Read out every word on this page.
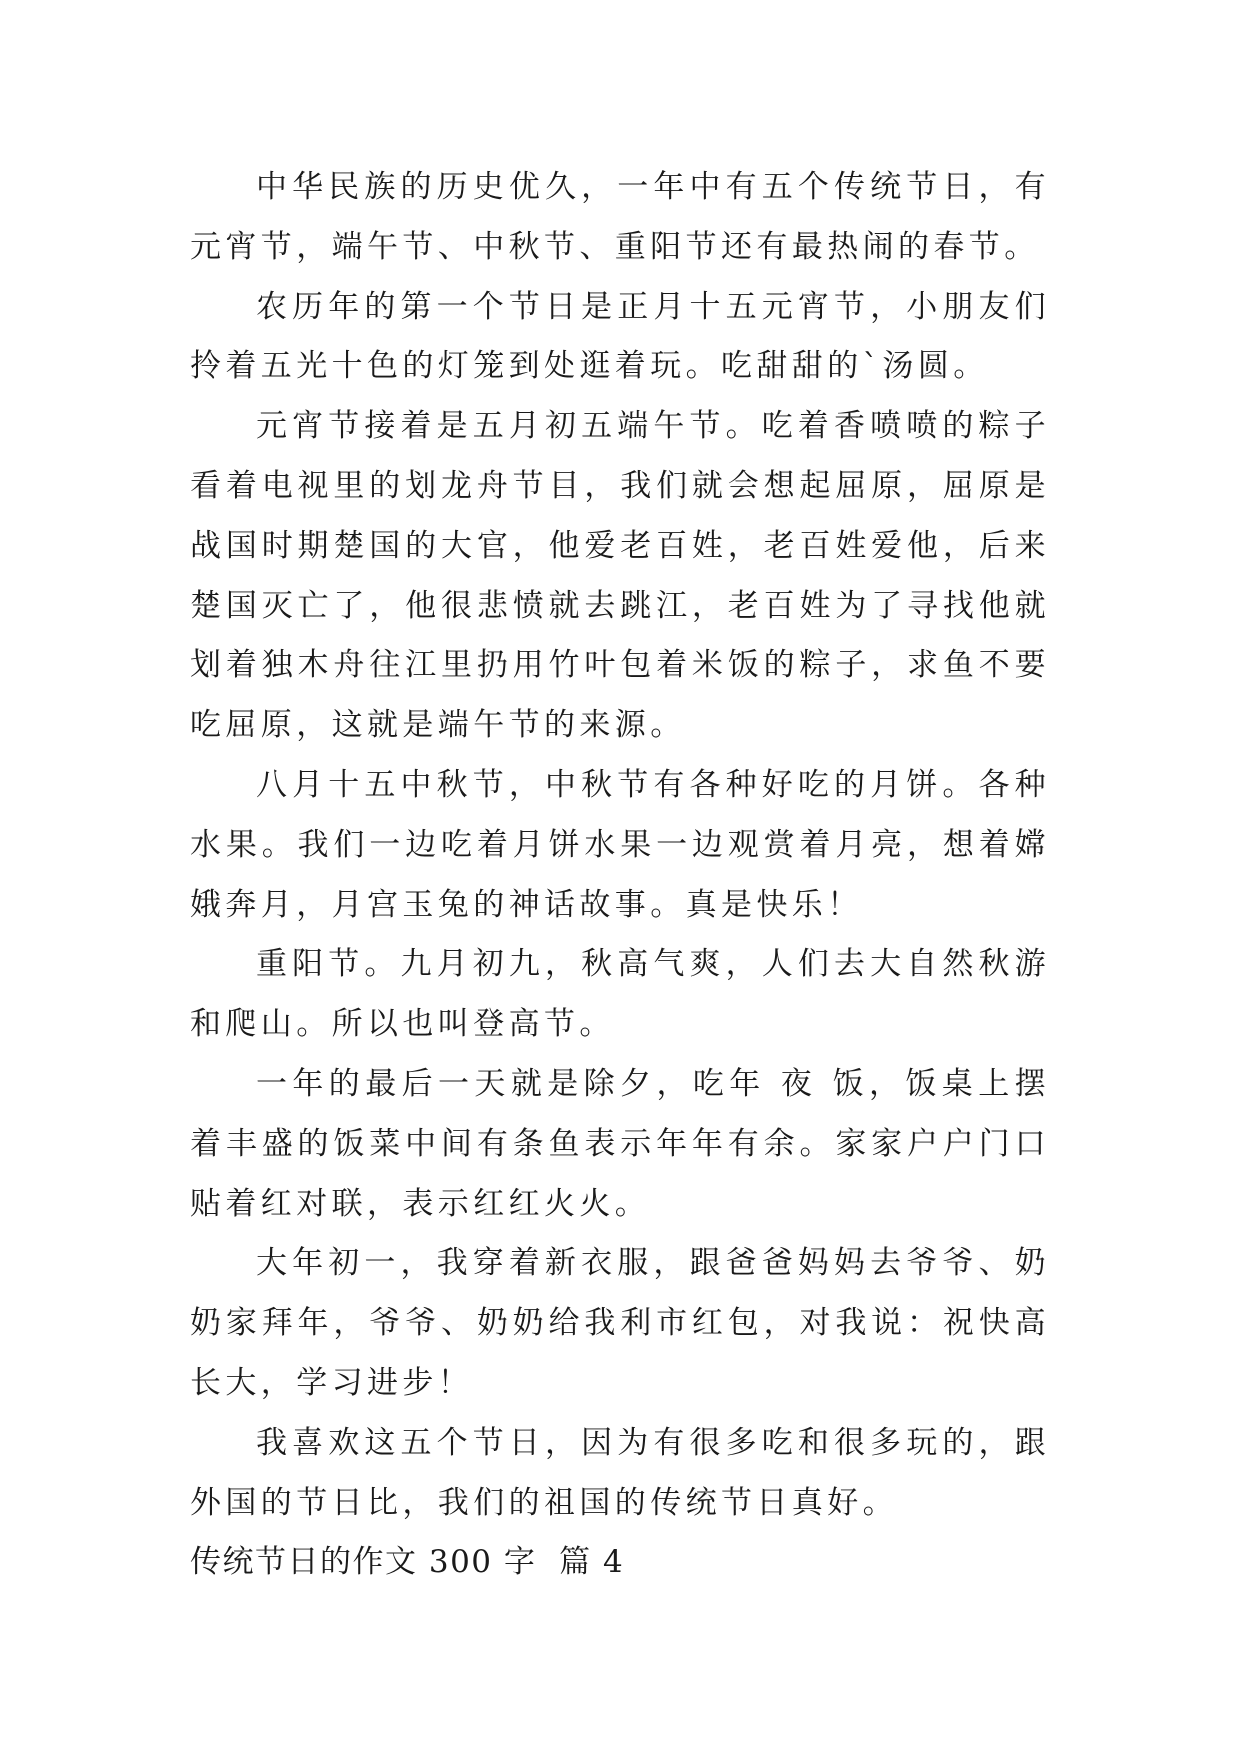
中华民族的历史优久，一年中有五个传统节日，有元宵节，端午节、中秋节、重阳节还有最热闹的春节。

农历年的第一个节日是正月十五元宵节，小朋友们拎着五光十色的灯笼到处逛着玩。吃甜甜的`汤圆。

元宵节接着是五月初五端午节。吃着香喷喷的粽子看着电视里的划龙舟节目，我们就会想起屈原，屈原是战国时期楚国的大官，他爱老百姓，老百姓爱他，后来楚国灭亡了，他很悲愤就去跳江，老百姓为了寻找他就划着独木舟往江里扔用竹叶包着米饭的粽子，求鱼不要吃屈原，这就是端午节的来源。

八月十五中秋节，中秋节有各种好吃的月饼。各种水果。我们一边吃着月饼水果一边观赏着月亮，想着嫦娥奔月，月宫玉兔的神话故事。真是快乐！

重阳节。九月初九，秋高气爽，人们去大自然秋游和爬山。所以也叫登高节。

一年的最后一天就是除夕，吃年 夜 饭，饭桌上摆着丰盛的饭菜中间有条鱼表示年年有余。家家户户门口贴着红对联，表示红红火火。

大年初一，我穿着新衣服，跟爸爸妈妈去爷爷、奶奶家拜年，爷爷、奶奶给我利市红包，对我说：祝快高长大，学习进步！

我喜欢这五个节日，因为有很多吃和很多玩的，跟外国的节日比，我们的祖国的传统节日真好。

传统节日的作文 300 字  篇 4
